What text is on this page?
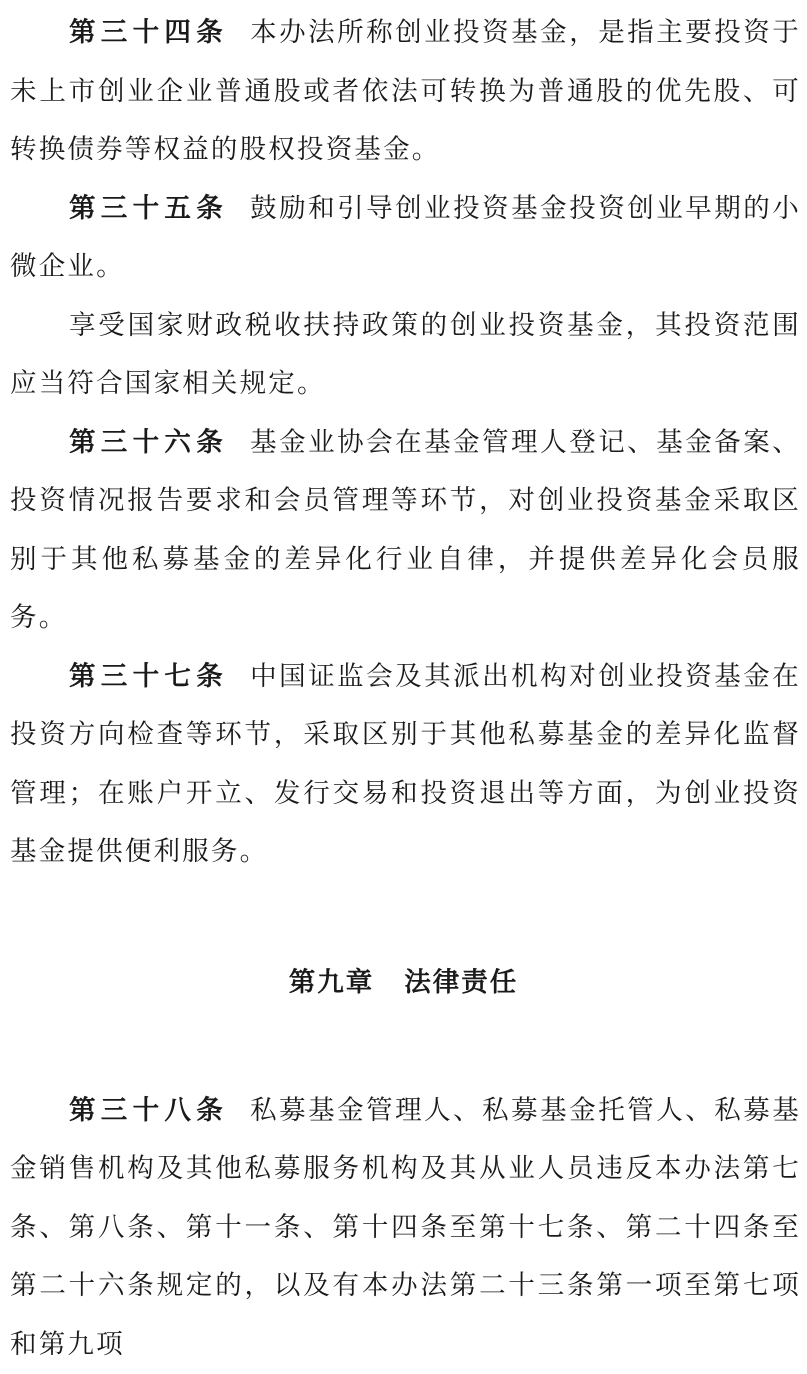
第三十四条 本办法所称创业投资基金，是指主要投资于未上市创业企业普通股或者依法可转换为普通股的优先股、可转换债券等权益的股权投资基金。

第三十五条 鼓励和引导创业投资基金投资创业早期的小微企业。

享受国家财政税收扶持政策的创业投资基金，其投资范围应当符合国家相关规定。

第三十六条 基金业协会在基金管理人登记、基金备案、投资情况报告要求和会员管理等环节，对创业投资基金采取区别于其他私募基金的差异化行业自律，并提供差异化会员服务。

第三十七条 中国证监会及其派出机构对创业投资基金在投资方向检查等环节，采取区别于其他私募基金的差异化监督管理；在账户开立、发行交易和投资退出等方面，为创业投资基金提供便利服务。

第九章 法律责任

第三十八条 私募基金管理人、私募基金托管人、私募基金销售机构及其他私募服务机构及其从业人员违反本办法第七条、第八条、第十一条、第十四条至第十七条、第二十四条至第二十六条规定的，以及有本办法第二十三条第一项至第七项和第九项
